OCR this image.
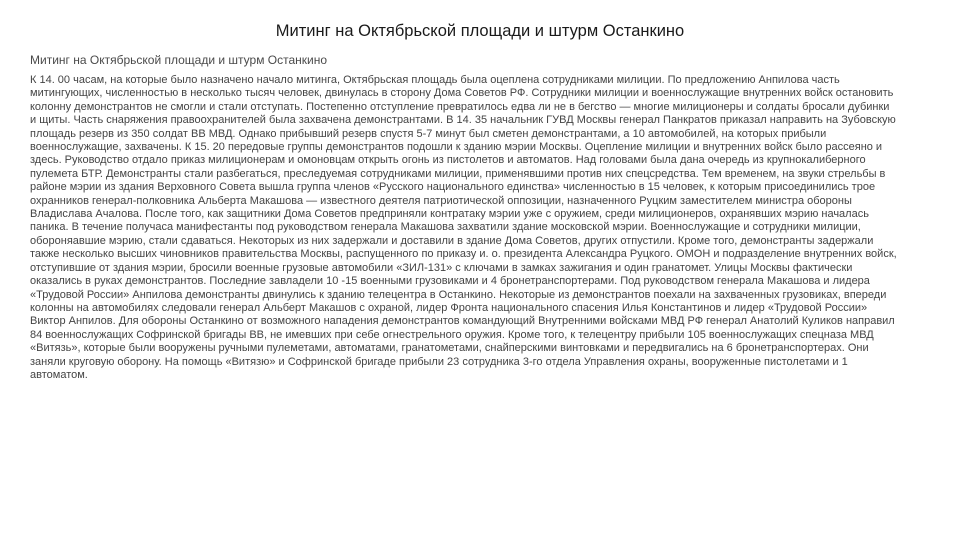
Митинг на Октябрьской площади и штурм Останкино
Митинг на Октябрьской площади и штурм Останкино

К 14. 00 часам, на которые было назначено начало митинга, Октябрьская площадь была оцеплена сотрудниками милиции. По предложению Анпилова часть митингующих, численностью в несколько тысяч человек, двинулась в сторону Дома Советов РФ. Сотрудники милиции и военнослужащие внутренних войск остановить колонну демонстрантов не смогли и стали отступать. Постепенно отступление превратилось едва ли не в бегство — многие милиционеры и солдаты бросали дубинки и щиты. Часть снаряжения правоохранителей была захвачена демонстрантами. В 14. 35 начальник ГУВД Москвы генерал Панкратов приказал направить на Зубовскую площадь резерв из 350 солдат ВВ МВД. Однако прибывший резерв спустя 5-7 минут был сметен демонстрантами, а 10 автомобилей, на которых прибыли военнослужащие, захвачены. К 15. 20 передовые группы демонстрантов подошли к зданию мэрии Москвы. Оцепление милиции и внутренних войск было рассеяно и здесь. Руководство отдало приказ милиционерам и омоновцам открыть огонь из пистолетов и автоматов. Над головами была дана очередь из крупнокалиберного пулемета БТР. Демонстранты стали разбегаться, преследуемая сотрудниками милиции, применявшими против них спецсредства. Тем временем, на звуки стрельбы в районе мэрии из здания Верховного Совета вышла группа членов «Русского национального единства» численностью в 15 человек, к которым присоединились трое охранников генерал-полковника Альберта Макашова — известного деятеля патриотической оппозиции, назначенного Руцким заместителем министра обороны Владислава Ачалова. После того, как защитники Дома Советов предприняли контратаку мэрии уже с оружием, среди милиционеров, охранявших мэрию началась паника. В течение получаса манифестанты под руководством генерала Макашова захватили здание московской мэрии. Военнослужащие и сотрудники милиции, обороняавшие мэрию, стали сдаваться. Некоторых из них задержали и доставили в здание Дома Советов, других отпустили. Кроме того, демонстранты задержали также несколько высших чиновников правительства Москвы, распущенного по приказу и. о. президента Александра Руцкого. ОМОН и подразделение внутренних войск, отступившие от здания мэрии, бросили военные грузовые автомобили «ЗИЛ-131» с ключами в замках зажигания и один гранатомет. Улицы Москвы фактически оказались в руках демонстрантов. Последние завладели 10 -15 военными грузовиками и 4 бронетранспортерами. Под руководством генерала Макашова и лидера «Трудовой России» Анпилова демонстранты двинулись к зданию телецентра в Останкино. Некоторые из демонстрантов поехали на захваченных грузовиках, впереди колонны на автомобилях следовали генерал Альберт Макашов с охраной, лидер Фронта национального спасения Илья Константинов и лидер «Трудовой России» Виктор Анпилов. Для обороны Останкино от возможного нападения демонстрантов командующий Внутренними войсками МВД РФ генерал Анатолий Куликов направил 84 военнослужащих Софринской бригады ВВ, не имевших при себе огнестрельного оружия. Кроме того, к телецентру прибыли 105 военнослужащих спецназа МВД «Витязь», которые были вооружены ручными пулеметами, автоматами, гранатометами, снайперскими винтовками и передвигались на 6 бронетранспортерах. Они заняли круговую оборону. На помощь «Витязю» и Софринской бригаде прибыли 23 сотрудника 3-го отдела Управления охраны, вооруженные пистолетами и 1 автоматом.
